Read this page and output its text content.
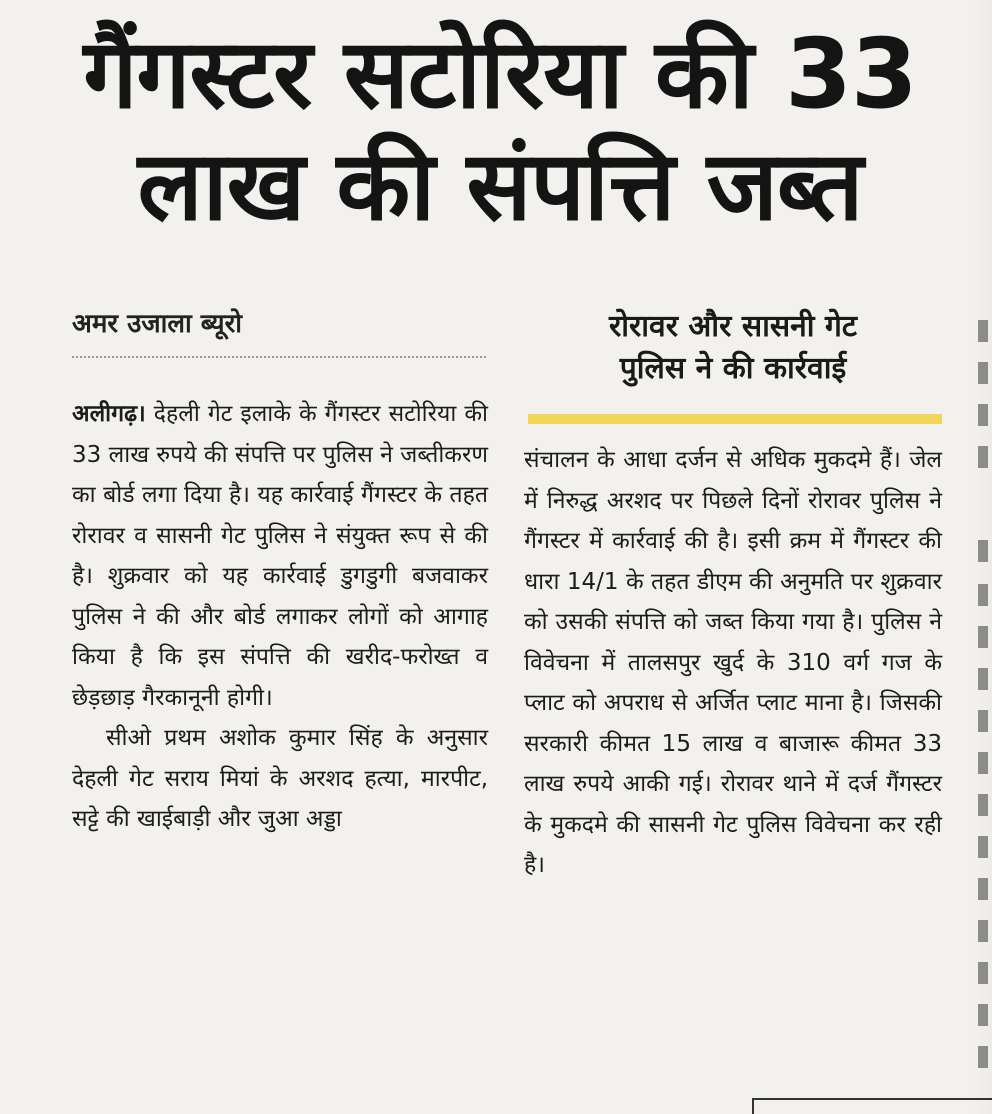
गैंगस्टर सटोरिया की 33
लाख की संपत्ति जब्त
अमर उजाला ब्यूरो

अलीगढ़। देहली गेट इलाके के गैंगस्टर सटोरिया की 33 लाख रुपये की संपत्ति पर पुलिस ने जब्तीकरण का बोर्ड लगा दिया है। यह कार्रवाई गैंगस्टर के तहत रोरावर व सासनी गेट पुलिस ने संयुक्त रूप से की है। शुक्रवार को यह कार्रवाई डुगडुगी बजवाकर पुलिस ने की और बोर्ड लगाकर लोगों को आगाह किया है कि इस संपत्ति की खरीद-फरोख्त व छेड़छाड़ गैरकानूनी होगी।

सीओ प्रथम अशोक कुमार सिंह के अनुसार देहली गेट सराय मियां के अरशद हत्या, मारपीट, सट्टे की खाईबाड़ी और जुआ अड्डा

रोरावर और सासनी गेट
पुलिस ने की कार्रवाई

संचालन के आधा दर्जन से अधिक मुकदमे हैं। जेल में निरुद्ध अरशद पर पिछले दिनों रोरावर पुलिस ने गैंगस्टर में कार्रवाई की है। इसी क्रम में गैंगस्टर की धारा 14/1 के तहत डीएम की अनुमति पर शुक्रवार को उसकी संपत्ति को जब्त किया गया है। पुलिस ने विवेचना में तालसपुर खुर्द के 310 वर्ग गज के प्लाट को अपराध से अर्जित प्लाट माना है। जिसकी सरकारी कीमत 15 लाख व बाजारू कीमत 33 लाख रुपये आकी गई। रोरावर थाने में दर्ज गैंगस्टर के मुकदमे की सासनी गेट पुलिस विवेचना कर रही है।
